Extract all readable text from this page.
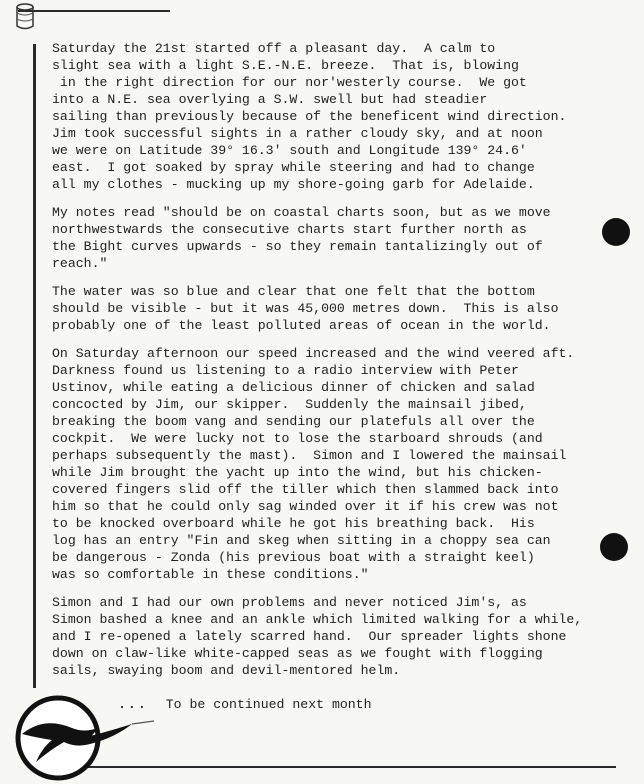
Saturday the 21st started off a pleasant day.  A calm to
slight sea with a light S.E.-N.E. breeze.  That is, blowing
in the right direction for our nor'westerly course.  We got
into a N.E. sea overlying a S.W. swell but had steadier
sailing than previously because of the beneficent wind direction.
Jim took successful sights in a rather cloudy sky, and at noon
we were on Latitude 39° 16.3' south and Longitude 139° 24.6'
east.  I got soaked by spray while steering and had to change
all my clothes - mucking up my shore-going garb for Adelaide.

My notes read "should be on coastal charts soon, but as we move
northwestwards the consecutive charts start further north as
the Bight curves upwards - so they remain tantalizingly out of
reach."

The water was so blue and clear that one felt that the bottom
should be visible - but it was 45,000 metres down.  This is also
probably one of the least polluted areas of ocean in the world.

On Saturday afternoon our speed increased and the wind veered aft.
Darkness found us listening to a radio interview with Peter
Ustinov, while eating a delicious dinner of chicken and salad
concocted by Jim, our skipper.  Suddenly the mainsail jibed,
breaking the boom vang and sending our platefuls all over the
cockpit.  We were lucky not to lose the starboard shrouds (and
perhaps subsequently the mast).  Simon and I lowered the mainsail
while Jim brought the yacht up into the wind, but his chicken-
covered fingers slid off the tiller which then slammed back into
him so that he could only sag winded over it if his crew was not
to be knocked overboard while he got his breathing back.  His
log has an entry "Fin and skeg when sitting in a choppy sea can
be dangerous - Zonda (his previous boat with a straight keel)
was so comfortable in these conditions."

Simon and I had our own problems and never noticed Jim's, as
Simon bashed a knee and an ankle which limited walking for a while,
and I re-opened a lately scarred hand.  Our spreader lights shone
down on claw-like white-capped seas as we fought with flogging
sails, swaying boom and devil-mentored helm.

... To be continued next month
